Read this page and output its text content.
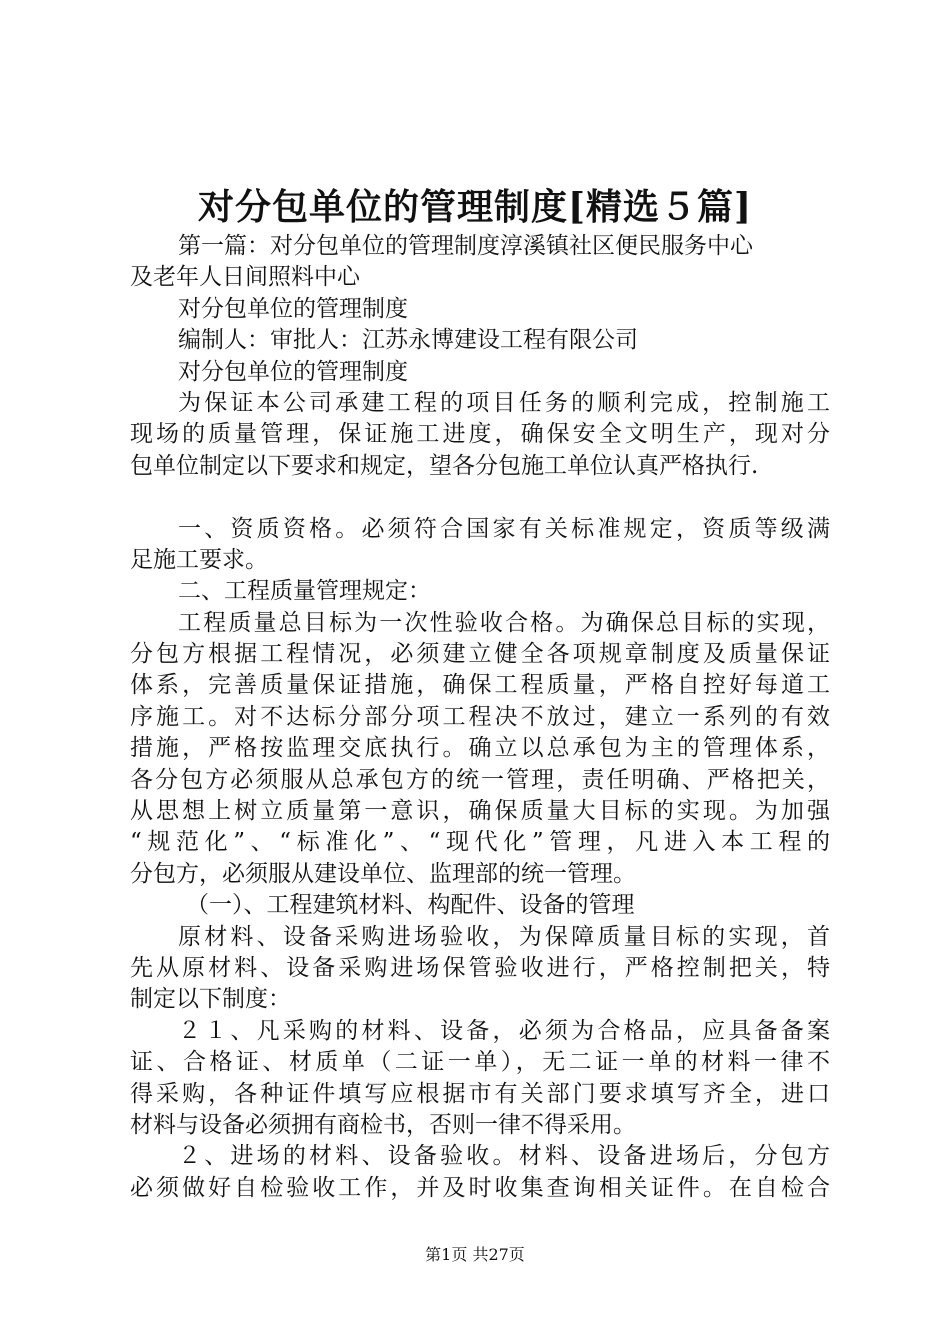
对分包单位的管理制度[精选５篇]
第一篇：对分包单位的管理制度淳溪镇社区便民服务中心
及老年人日间照料中心
对分包单位的管理制度
编制人：审批人：江苏永博建设工程有限公司
对分包单位的管理制度
为保证本公司承建工程的项目任务的顺利完成，控制施工
现场的质量管理，保证施工进度，确保安全文明生产，现对分
包单位制定以下要求和规定，望各分包施工单位认真严格执行.
一、资质资格。必须符合国家有关标准规定，资质等级满
足施工要求。
二、工程质量管理规定：
工程质量总目标为一次性验收合格。为确保总目标的实现，
分包方根据工程情况，必须建立健全各项规章制度及质量保证
体系，完善质量保证措施，确保工程质量，严格自控好每道工
序施工。对不达标分部分项工程决不放过，建立一系列的有效
措施，严格按监理交底执行。确立以总承包为主的管理体系，
各分包方必须服从总承包方的统一管理，责任明确、严格把关，
从思想上树立质量第一意识，确保质量大目标的实现。为加强
“规范化”、“标准化”、“现代化”管理，凡进入本工程的
分包方，必须服从建设单位、监理部的统一管理。
（一）、工程建筑材料、构配件、设备的管理
原材料、设备采购进场验收，为保障质量目标的实现，首
先从原材料、设备采购进场保管验收进行，严格控制把关，特
制定以下制度：
２１、凡采购的材料、设备，必须为合格品，应具备备案
证、合格证、材质单（二证一单），无二证一单的材料一律不
得采购，各种证件填写应根据市有关部门要求填写齐全，进口
材料与设备必须拥有商检书，否则一律不得采用。
２、进场的材料、设备验收。材料、设备进场后，分包方
必须做好自检验收工作，并及时收集查询相关证件。在自检合
第1页 共27页
